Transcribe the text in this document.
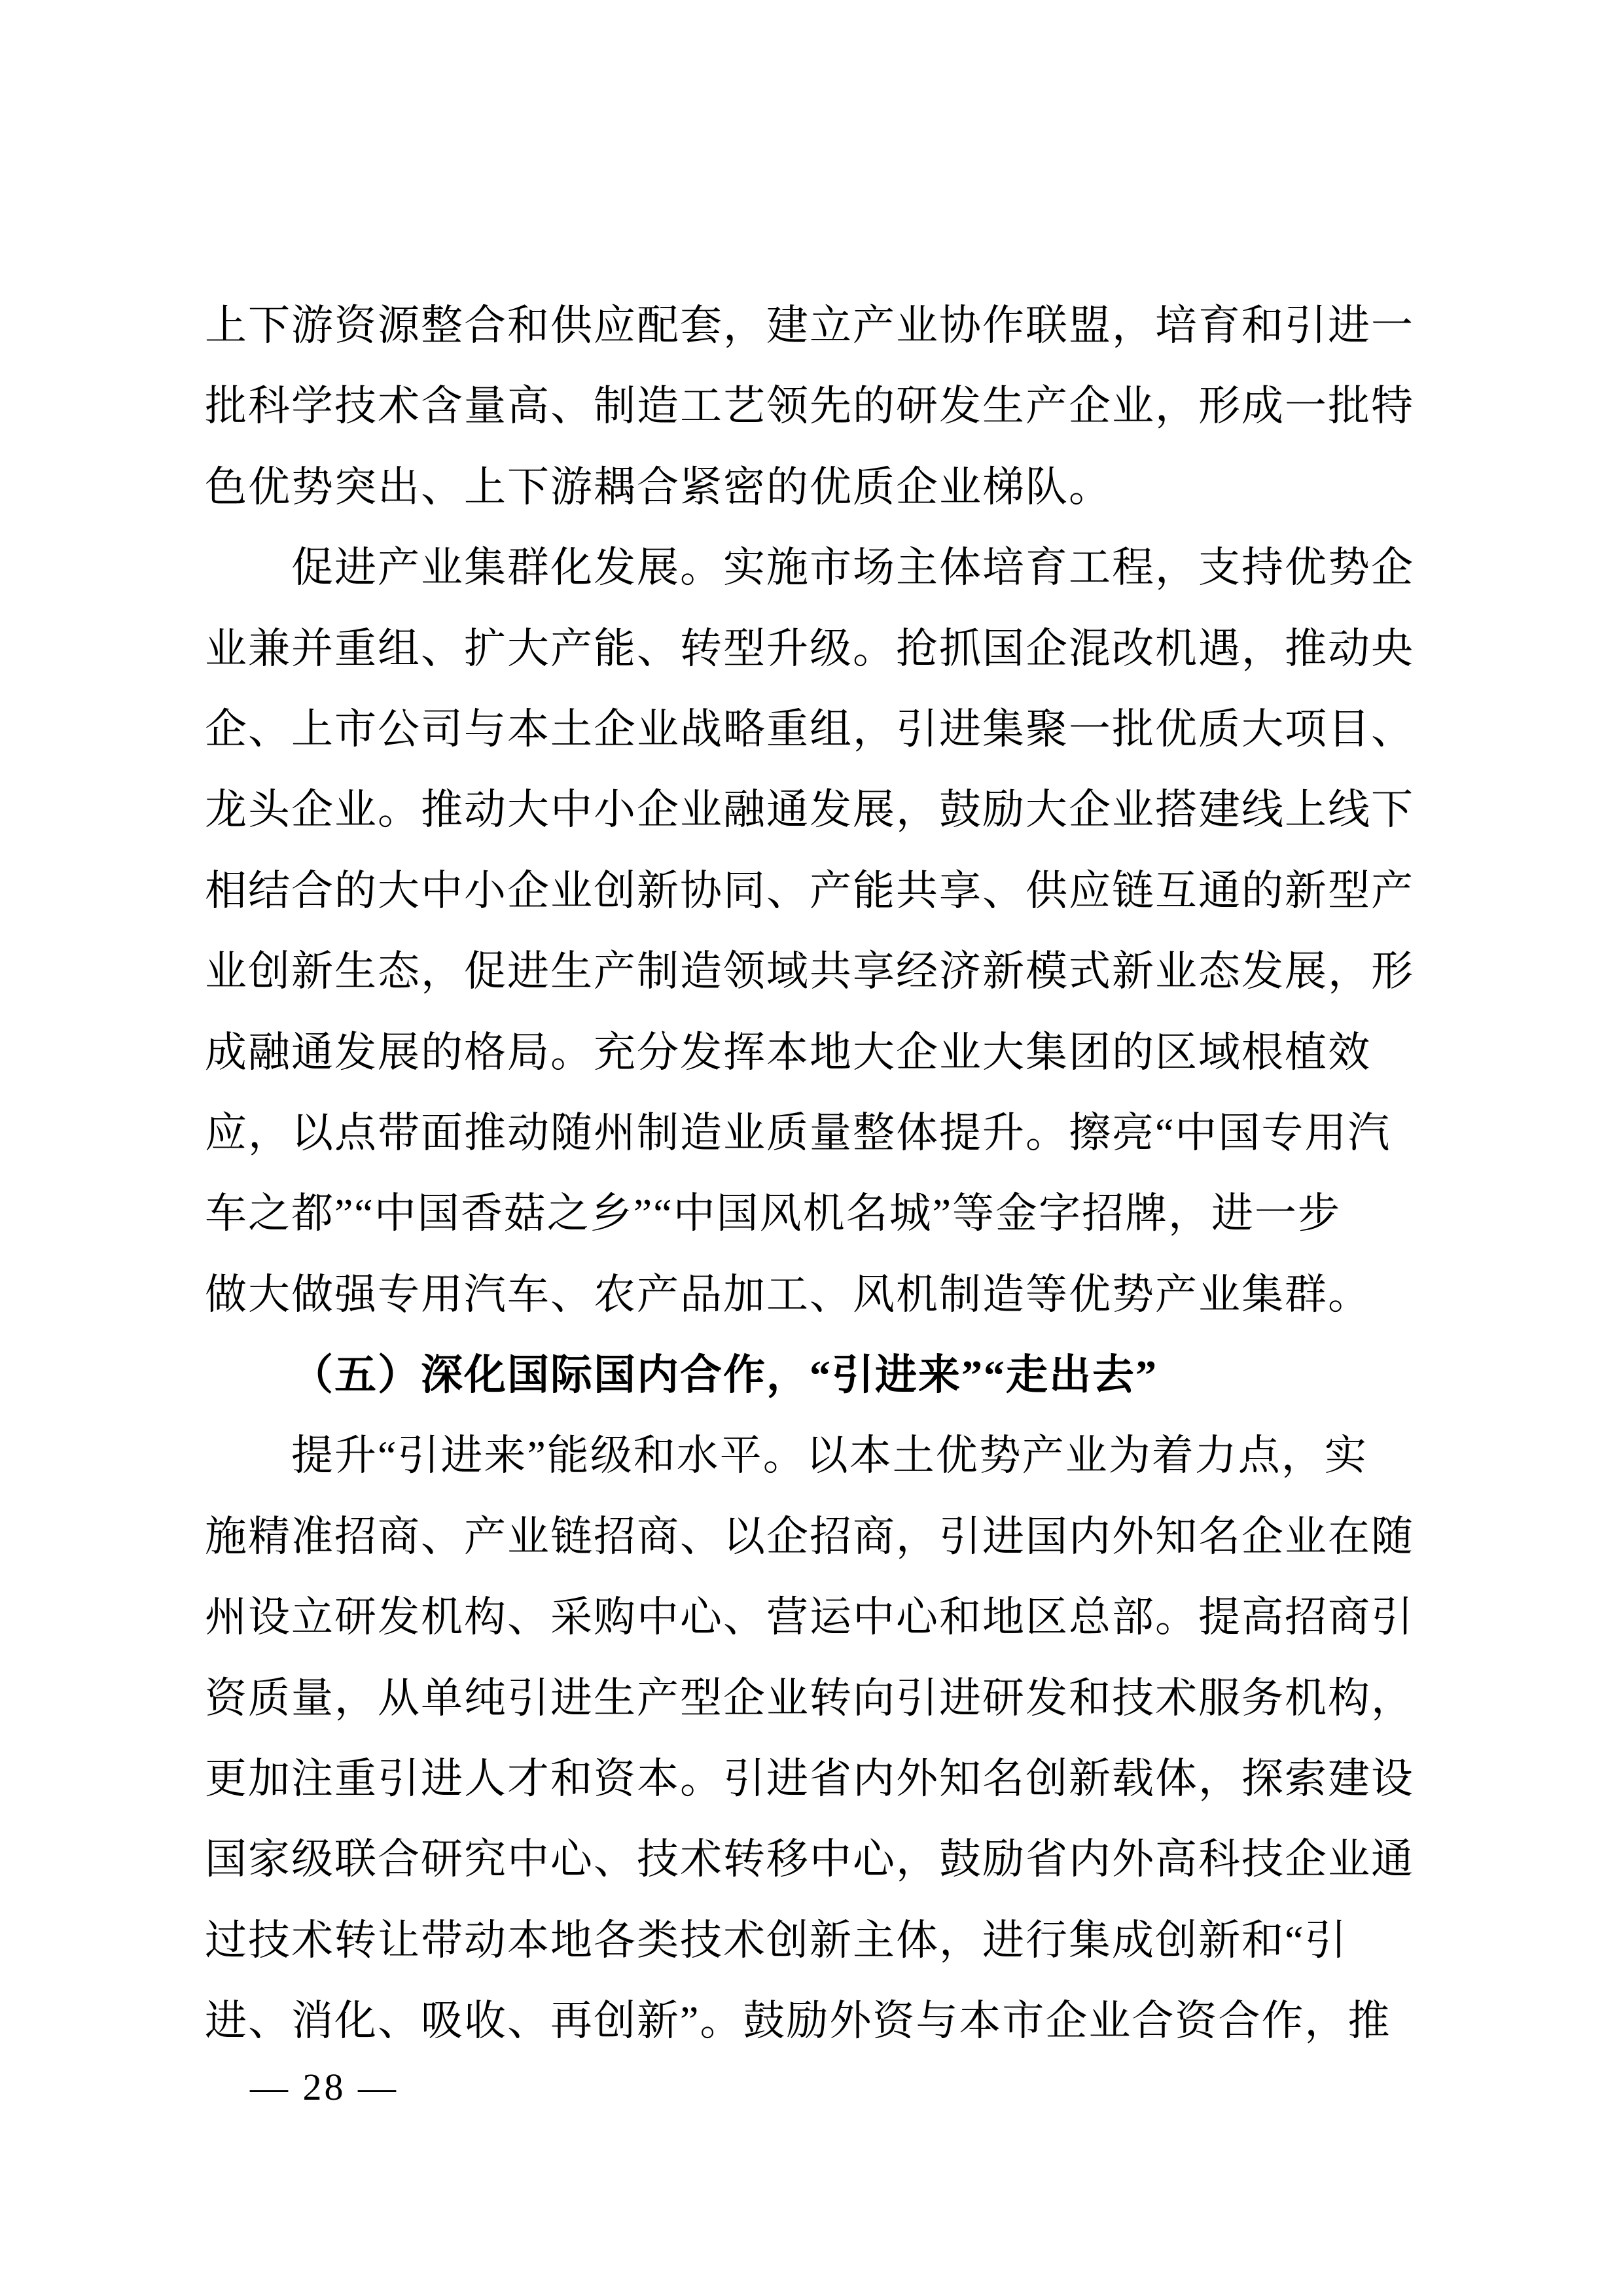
上下游资源整合和供应配套，建立产业协作联盟，培育和引进一
批科学技术含量高、制造工艺领先的研发生产企业，形成一批特
色优势突出、上下游耦合紧密的优质企业梯队。
促进产业集群化发展。实施市场主体培育工程，支持优势企
业兼并重组、扩大产能、转型升级。抢抓国企混改机遇，推动央
企、上市公司与本土企业战略重组，引进集聚一批优质大项目、
龙头企业。推动大中小企业融通发展，鼓励大企业搭建线上线下
相结合的大中小企业创新协同、产能共享、供应链互通的新型产
业创新生态，促进生产制造领域共享经济新模式新业态发展，形
成融通发展的格局。充分发挥本地大企业大集团的区域根植效
应，以点带面推动随州制造业质量整体提升。擦亮“中国专用汽
车之都”“中国香菇之乡”“中国风机名城”等金字招牌，进一步
做大做强专用汽车、农产品加工、风机制造等优势产业集群。
（五）深化国际国内合作，“引进来”“走出去”
提升“引进来”能级和水平。以本土优势产业为着力点，实
施精准招商、产业链招商、以企招商，引进国内外知名企业在随
州设立研发机构、采购中心、营运中心和地区总部。提高招商引
资质量，从单纯引进生产型企业转向引进研发和技术服务机构，
更加注重引进人才和资本。引进省内外知名创新载体，探索建设
国家级联合研究中心、技术转移中心，鼓励省内外高科技企业通
过技术转让带动本地各类技术创新主体，进行集成创新和“引
进、消化、吸收、再创新”。鼓励外资与本市企业合资合作，推
— 28 —
